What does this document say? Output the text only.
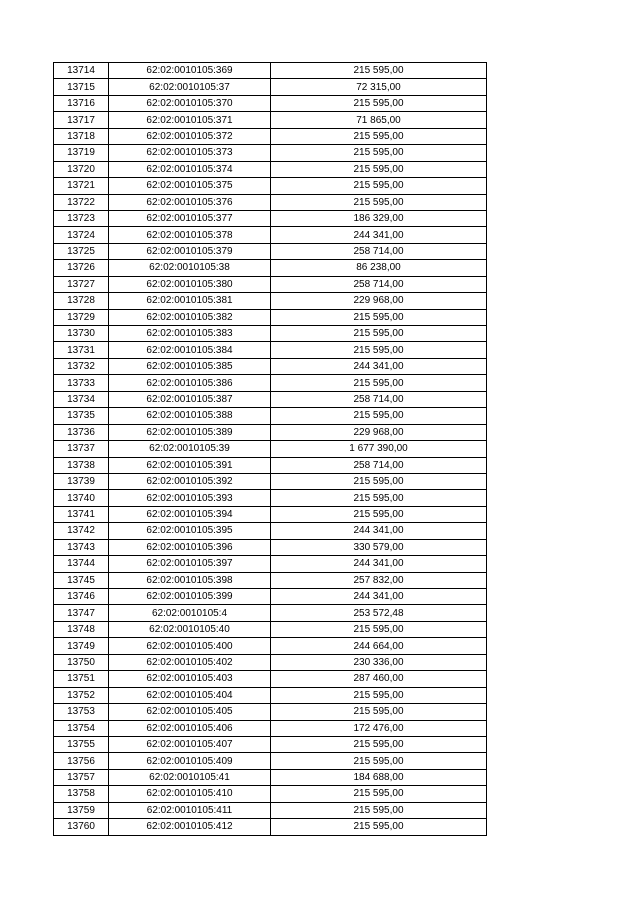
13714	62:02:0010105:369	215 595,00
13715	62:02:0010105:37	72 315,00
13716	62:02:0010105:370	215 595,00
13717	62:02:0010105:371	71 865,00
13718	62:02:0010105:372	215 595,00
13719	62:02:0010105:373	215 595,00
13720	62:02:0010105:374	215 595,00
13721	62:02:0010105:375	215 595,00
13722	62:02:0010105:376	215 595,00
13723	62:02:0010105:377	186 329,00
13724	62:02:0010105:378	244 341,00
13725	62:02:0010105:379	258 714,00
13726	62:02:0010105:38	86 238,00
13727	62:02:0010105:380	258 714,00
13728	62:02:0010105:381	229 968,00
13729	62:02:0010105:382	215 595,00
13730	62:02:0010105:383	215 595,00
13731	62:02:0010105:384	215 595,00
13732	62:02:0010105:385	244 341,00
13733	62:02:0010105:386	215 595,00
13734	62:02:0010105:387	258 714,00
13735	62:02:0010105:388	215 595,00
13736	62:02:0010105:389	229 968,00
13737	62:02:0010105:39	1 677 390,00
13738	62:02:0010105:391	258 714,00
13739	62:02:0010105:392	215 595,00
13740	62:02:0010105:393	215 595,00
13741	62:02:0010105:394	215 595,00
13742	62:02:0010105:395	244 341,00
13743	62:02:0010105:396	330 579,00
13744	62:02:0010105:397	244 341,00
13745	62:02:0010105:398	257 832,00
13746	62:02:0010105:399	244 341,00
13747	62:02:0010105:4	253 572,48
13748	62:02:0010105:40	215 595,00
13749	62:02:0010105:400	244 664,00
13750	62:02:0010105:402	230 336,00
13751	62:02:0010105:403	287 460,00
13752	62:02:0010105:404	215 595,00
13753	62:02:0010105:405	215 595,00
13754	62:02:0010105:406	172 476,00
13755	62:02:0010105:407	215 595,00
13756	62:02:0010105:409	215 595,00
13757	62:02:0010105:41	184 688,00
13758	62:02:0010105:410	215 595,00
13759	62:02:0010105:411	215 595,00
13760	62:02:0010105:412	215 595,00
